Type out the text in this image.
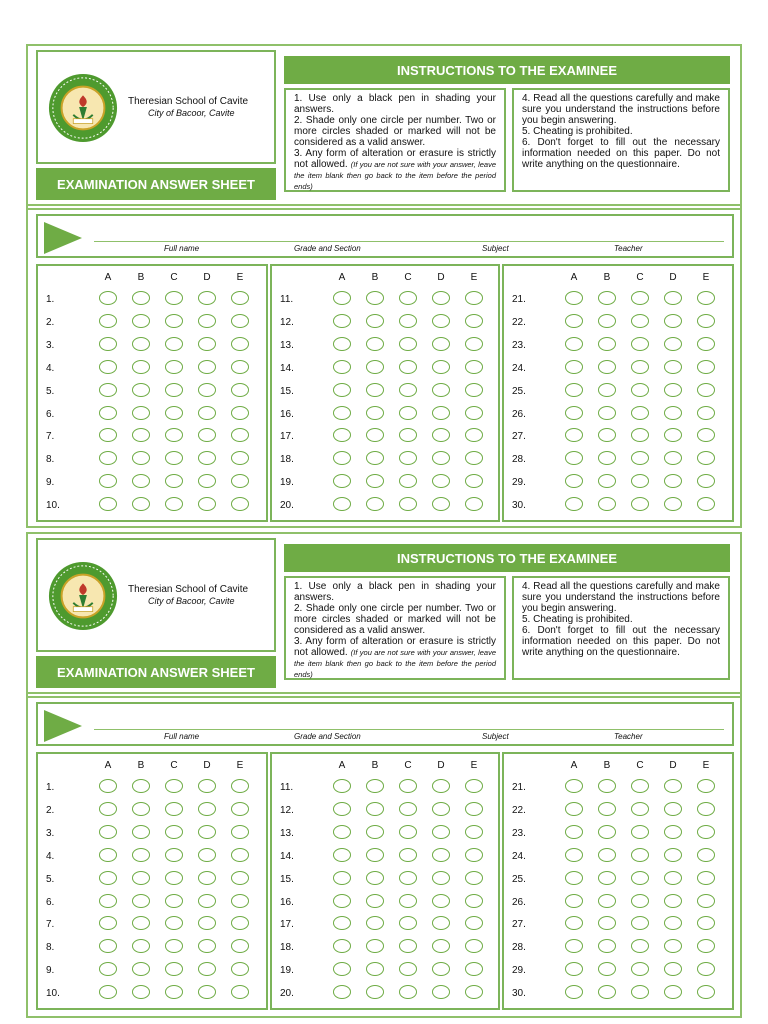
Theresian School of Cavite
City of Bacoor, Cavite
EXAMINATION ANSWER SHEET
INSTRUCTIONS TO THE EXAMINEE

1. Use only a black pen in shading your answers.

2. Shade only one circle per number. Two or more circles shaded or marked will not be considered as a valid answer.

3. Any form of alteration or erasure is strictly not allowed. (If you are not sure with your answer, leave the item blank then go back to the item before the period ends)

4. Read all the questions carefully and make sure you understand the instructions before you begin answering.

5. Cheating is prohibited.

6. Don't forget to fill out the necessary information needed on this paper. Do not write anything on the questionnaire.

Full name	Grade and Section	Subject	Teacher
A	B	C	D	E
1.
2.
3.
4.
5.
6.
7.
8.
9.
10.
A	B	C	D	E
11.
12.
13.
14.
15.
16.
17.
18.
19.
20.
A	B	C	D	E
21.
22.
23.
24.
25.
26.
27.
28.
29.
30.
Theresian School of Cavite
City of Bacoor, Cavite
EXAMINATION ANSWER SHEET
INSTRUCTIONS TO THE EXAMINEE

1. Use only a black pen in shading your answers.

2. Shade only one circle per number. Two or more circles shaded or marked will not be considered as a valid answer.

3. Any form of alteration or erasure is strictly not allowed. (If you are not sure with your answer, leave the item blank then go back to the item before the period ends)

4. Read all the questions carefully and make sure you understand the instructions before you begin answering.

5. Cheating is prohibited.

6. Don't forget to fill out the necessary information needed on this paper. Do not write anything on the questionnaire.

Full name	Grade and Section	Subject	Teacher
A	B	C	D	E
1.
2.
3.
4.
5.
6.
7.
8.
9.
10.
A	B	C	D	E
11.
12.
13.
14.
15.
16.
17.
18.
19.
20.
A	B	C	D	E
21.
22.
23.
24.
25.
26.
27.
28.
29.
30.
